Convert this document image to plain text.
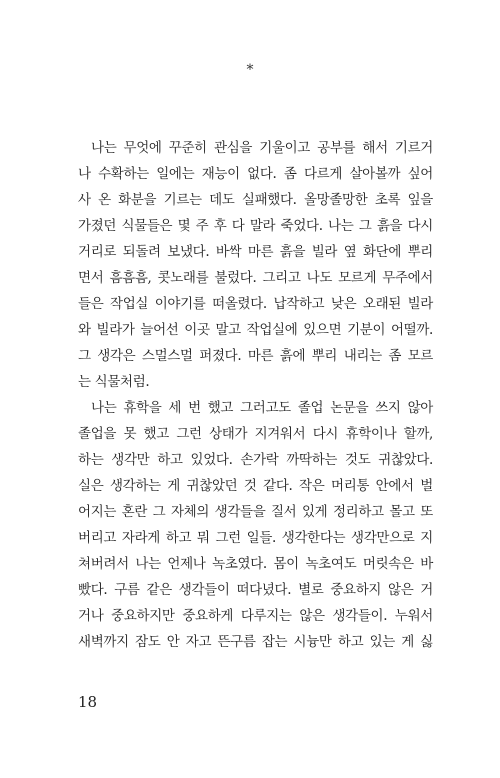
*
나는 무엇에 꾸준히 관심을 기울이고 공부를 해서 기르거
나 수확하는 일에는 재능이 없다. 좀 다르게 살아볼까 싶어
사 온 화분을 기르는 데도 실패했다. 올망졸망한 초록 잎을
가졌던 식물들은 몇 주 후 다 말라 죽었다. 나는 그 흙을 다시
거리로 되돌려 보냈다. 바싹 마른 흙을 빌라 옆 화단에 뿌리
면서 흠흠흠, 콧노래를 불렀다. 그리고 나도 모르게 무주에서
들은 작업실 이야기를 떠올렸다. 납작하고 낮은 오래된 빌라
와 빌라가 늘어선 이곳 말고 작업실에 있으면 기분이 어떨까.
그 생각은 스멀스멀 퍼졌다. 마른 흙에 뿌리 내리는 좀 모르
는 식물처럼.
나는 휴학을 세 번 했고 그러고도 졸업 논문을 쓰지 않아
졸업을 못 했고 그런 상태가 지겨워서 다시 휴학이나 할까,
하는 생각만 하고 있었다. 손가락 까딱하는 것도 귀찮았다.
실은 생각하는 게 귀찮았던 것 같다. 작은 머리통 안에서 벌
어지는 혼란 그 자체의 생각들을 질서 있게 정리하고 몰고 또
버리고 자라게 하고 뭐 그런 일들. 생각한다는 생각만으로 지
쳐버려서 나는 언제나 녹초였다. 몸이 녹초여도 머릿속은 바
빴다. 구름 같은 생각들이 떠다녔다. 별로 중요하지 않은 거
거나 중요하지만 중요하게 다루지는 않은 생각들이. 누워서
새벽까지 잠도 안 자고 뜬구름 잡는 시늉만 하고 있는 게 싫
18
